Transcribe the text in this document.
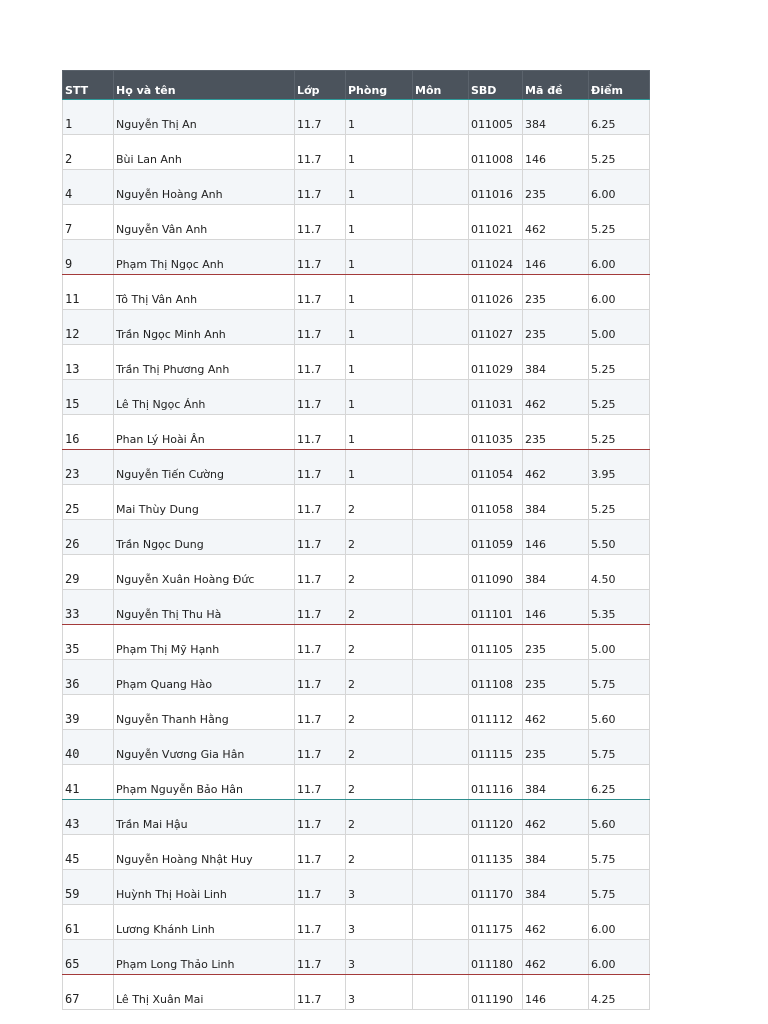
STT	Họ và tên	Lớp	Phòng	Môn	SBD	Mã đề	Điểm
1	Nguyễn Thị An	11.7	1		011005	384	6.25
2	Bùi Lan Anh	11.7	1		011008	146	5.25
4	Nguyễn Hoàng Anh	11.7	1		011016	235	6.00
7	Nguyễn Vân Anh	11.7	1		011021	462	5.25
9	Phạm Thị Ngọc Anh	11.7	1		011024	146	6.00
11	Tô Thị Vân Anh	11.7	1		011026	235	6.00
12	Trần Ngọc Minh Anh	11.7	1		011027	235	5.00
13	Trần Thị Phương Anh	11.7	1		011029	384	5.25
15	Lê Thị Ngọc Ánh	11.7	1		011031	462	5.25
16	Phan Lý Hoài Ân	11.7	1		011035	235	5.25
23	Nguyễn Tiến Cường	11.7	1		011054	462	3.95
25	Mai Thùy Dung	11.7	2		011058	384	5.25
26	Trần Ngọc Dung	11.7	2		011059	146	5.50
29	Nguyễn Xuân Hoàng Đức	11.7	2		011090	384	4.50
33	Nguyễn Thị Thu Hà	11.7	2		011101	146	5.35
35	Phạm Thị Mỹ Hạnh	11.7	2		011105	235	5.00
36	Phạm Quang Hào	11.7	2		011108	235	5.75
39	Nguyễn Thanh Hằng	11.7	2		011112	462	5.60
40	Nguyễn Vương Gia Hân	11.7	2		011115	235	5.75
41	Phạm Nguyễn Bảo Hân	11.7	2		011116	384	6.25
43	Trần Mai Hậu	11.7	2		011120	462	5.60
45	Nguyễn Hoàng Nhật Huy	11.7	2		011135	384	5.75
59	Huỳnh Thị Hoài Linh	11.7	3		011170	384	5.75
61	Lương Khánh Linh	11.7	3		011175	462	6.00
65	Phạm Long Thảo Linh	11.7	3		011180	462	6.00
67	Lê Thị Xuân Mai	11.7	3		011190	146	4.25
